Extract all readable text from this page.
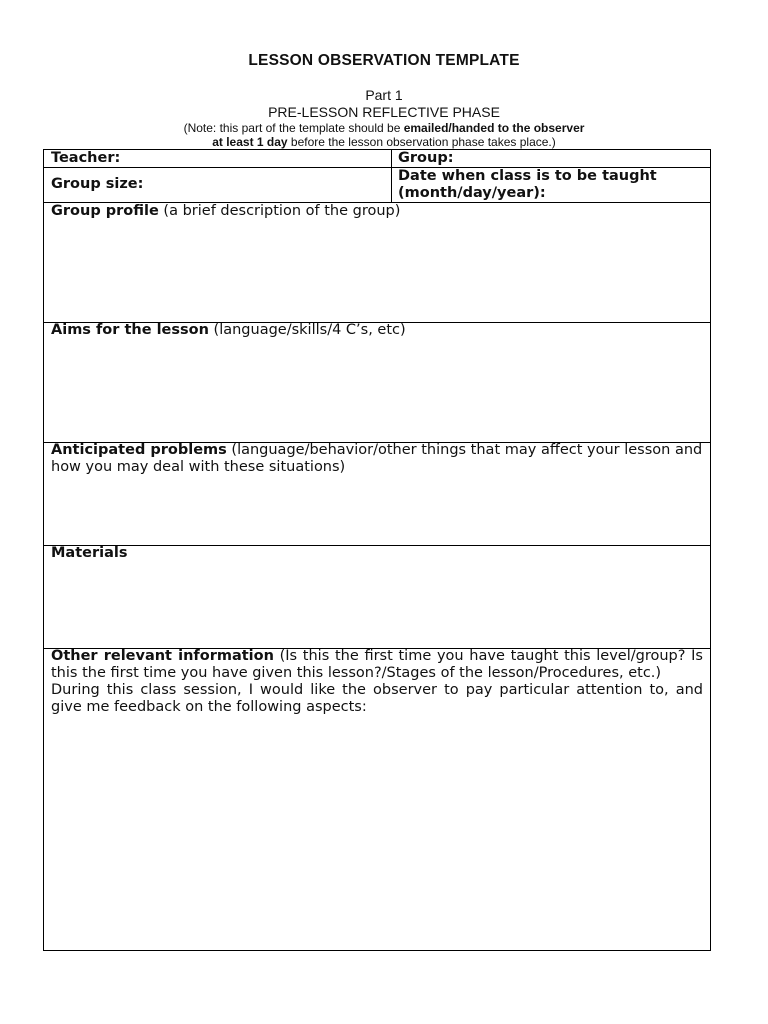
LESSON OBSERVATION TEMPLATE
Part 1
PRE-LESSON REFLECTIVE PHASE
(Note: this part of the template should be emailed/handed to the observer
at least 1 day before the lesson observation phase takes place.)
Teacher:	Group:
Group size:	Date when class is to be taught
(month/day/year):
Group profile (a brief description of the group)
Aims for the lesson (language/skills/4 C’s, etc)
Anticipated problems (language/behavior/other things that may affect your lesson and how you may deal with these situations)
Materials
Other relevant information (Is this the first time you have taught this level/group? Is this the first time you have given this lesson?/Stages of the lesson/Procedures, etc.)
During this class session, I would like the observer to pay particular attention to, and give me feedback on the following aspects:
